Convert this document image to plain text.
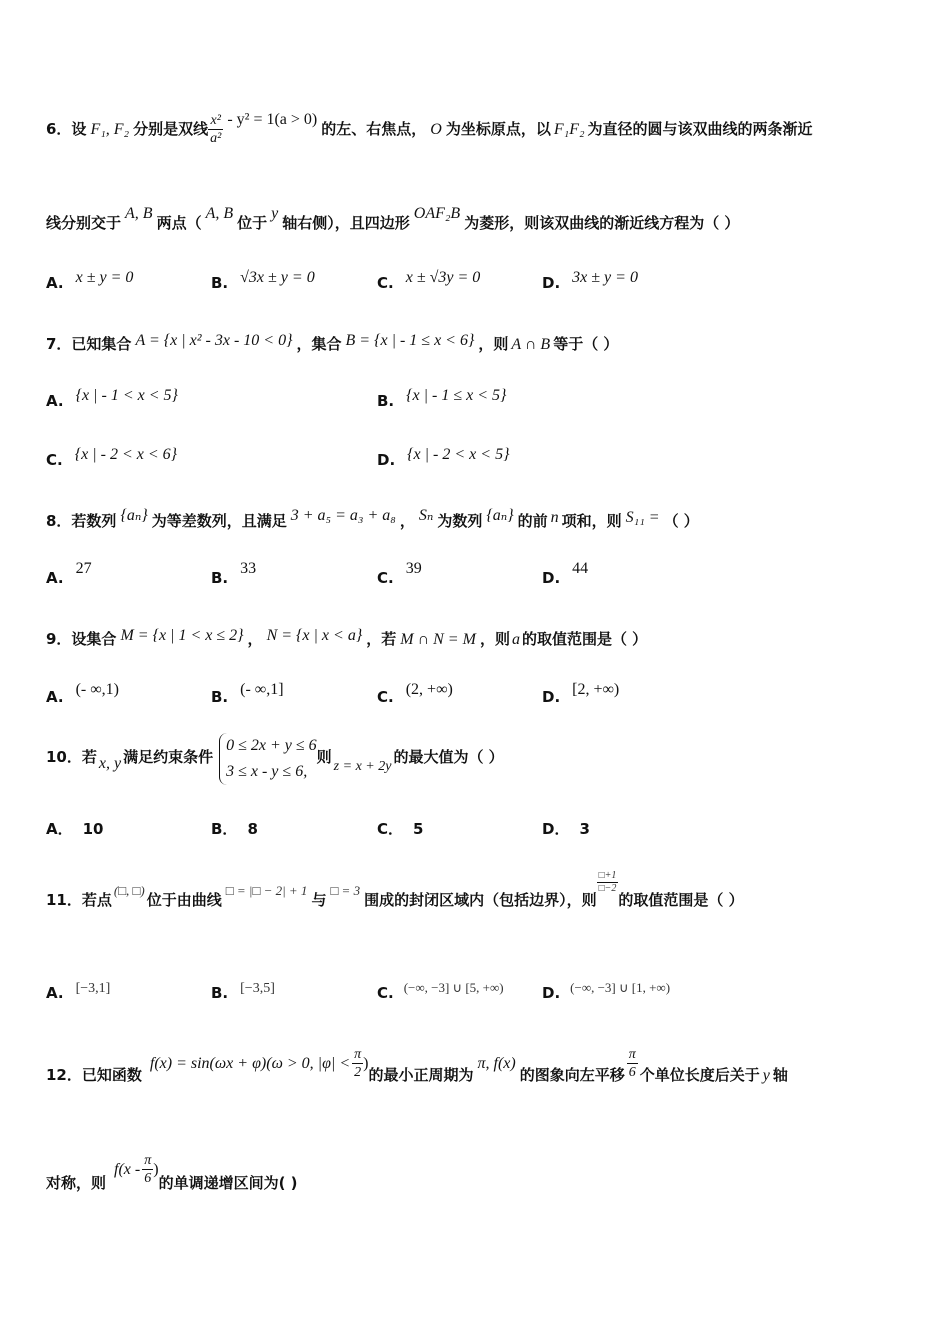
6．设 F₁, F₂ 分别是双线 $\frac{\text{x²}}{\text{a²}} - y^2 = 1(a > 0)$的左、右焦点， O 为坐标原点，以 F₁F₂ 为直径的圆与该双曲线的两条渐近
线分别交于A, B两点（A, B位于y轴右侧），且四边形OAF₂B为菱形，则该双曲线的渐近线方程为（ ）
A. x ± y = 0	B. √3x ± y = 0	C. x ± √3y = 0	D. 3x ± y = 0
7．已知集合 A = {x | x² - 3x - 10 < 0} ，集合 B = {x | - 1 ≤ x < 6} ，则 A ∩ B 等于（ ）
A. {x | - 1 < x < 5}	B. {x | - 1 ≤ x < 5}
C. {x | - 2 < x < 6}	D. {x | - 2 < x < 5}
8．若数列 {aₙ} 为等差数列，且满足 3 + a₅ = a₃ + a₈ ， Sₙ 为数列 {aₙ} 的前 n 项和，则 S₁₁ = （ ）
A.27
B.33
C.39
D.44
9．设集合 M = {x | 1 < x ≤ 2} ， N = {x | x < a} ，若 M ∩ N = M ，则 a 的取值范围是（ ）
A. (- ∞,1)	B. (- ∞,1]	C. (2, +∞)	D. [2, +∞)
10．若 x, y 满足约束条件
0 ≤ 2x + y ≤ 6
3 ≤ x - y ≤ 6,
则z = x + 2y的最大值为（ ）
A． 10	B． 8	C． 5	D． 3
11．若点(□, □)位于由曲线□ = |□ − 2| + 1与□ = 3围成的封闭区域内（包括边界），则
$\frac{□+1}{□-2}$
的取值范围是（ ）
A. [−3,1]	B. [−3,5]	C. (−∞, −3] ∪ [5, +∞)	D. (−∞, −3] ∪ [1, +∞)
12．已知函数f(x) = sin(ωx + φ)(ω > 0, $|\varphi| < \frac{\pi}{2}$ )的最小正周期为π, f(x)的图象向左平移 $\frac{\pi}{6}$ 个单位长度后关于 y 轴
对称，则$f(x - \frac{\pi}{6}$ )的单调递增区间为( )
